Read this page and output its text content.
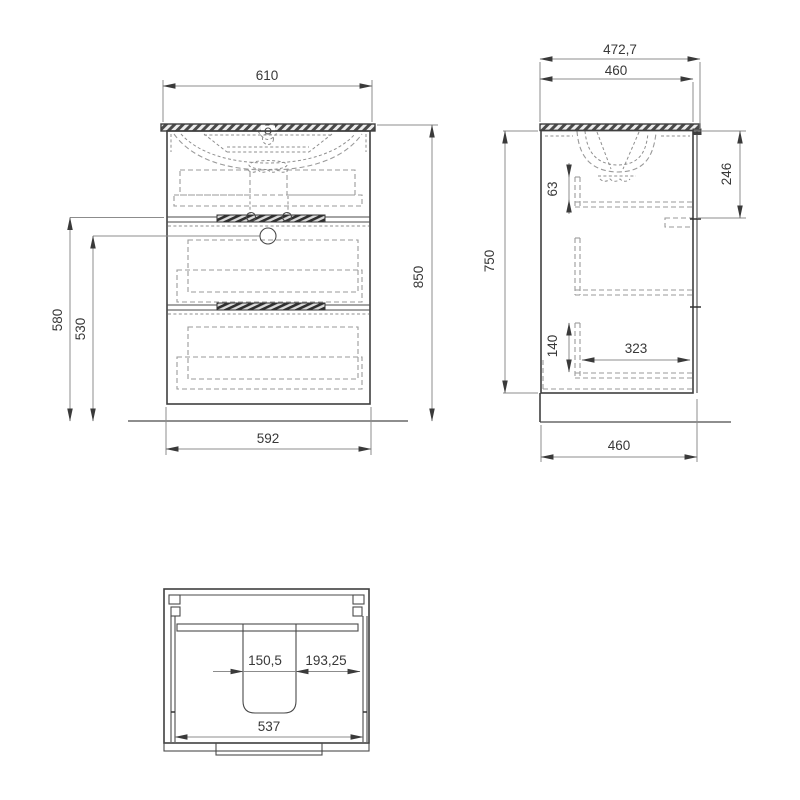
610
592
850
580 530
472,7
460
750
246
63
140	323
460
150,5 193,25
537
